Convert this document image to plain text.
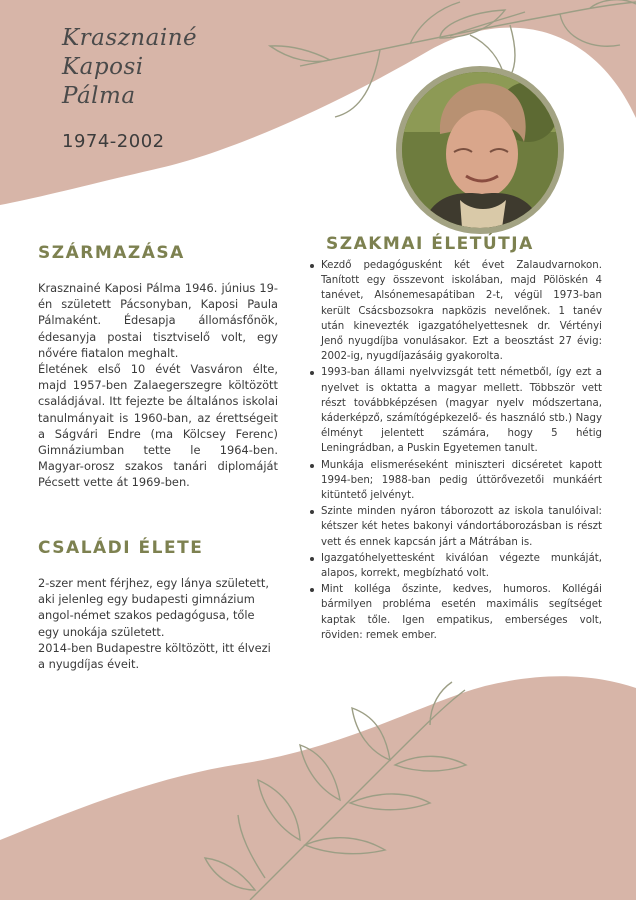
Krasznainé
Kaposi
Pálma
1974-2002
SZÁRMAZÁSA

Krasznainé Kaposi Pálma 1946. június 19-én született Pácsonyban, Kaposi Paula Pálmaként. Édesapja állomásfőnök, édesanyja postai tisztviselő volt, egy nővére fiatalon meghalt.

Életének első 10 évét Vasváron élte, majd 1957-ben Zalaegerszegre költözött családjával. Itt fejezte be általános iskolai tanulmányait is 1960-ban, az érettségeit a Ságvári Endre (ma Kölcsey Ferenc) Gimnáziumban tette le 1964-ben. Magyar-orosz szakos tanári diplomáját Pécsett vette át 1969-ben.

CSALÁDI ÉLETE

2-szer ment férjhez, egy lánya született, aki jelenleg egy budapesti gimnázium angol-német szakos pedagógusa, tőle egy unokája született.

2014-ben Budapestre költözött, itt élvezi a nyugdíjas éveit.

SZAKMAI ÉLETÚTJA
Kezdő pedagógusként két évet Zalaudvarnokon. Tanított egy összevont iskolában, majd Pölöskén 4 tanévet, Alsónemesapátiban 2-t, végül 1973-ban került Csácsbozsokra napközis nevelőnek. 1 tanév után kinevezték igazgatóhelyettesnek dr. Vértényi Jenő nyugdíjba vonulásakor. Ezt a beosztást 27 évig: 2002-ig, nyugdíjazásáig gyakorolta.
1993-ban állami nyelvvizsgát tett németből, így ezt a nyelvet is oktatta a magyar mellett. Többször vett részt továbbképzésen (magyar nyelv módszertana, káderképző, számítógépkezelő- és használó stb.) Nagy élményt jelentett számára, hogy 5 hétig Leningrádban, a Puskin Egyetemen tanult.
Munkája elismeréseként miniszteri dicséretet kapott 1994-ben; 1988-ban pedig úttörővezetői munkáért kitüntető jelvényt.
Szinte minden nyáron táborozott az iskola tanulóival: kétszer két hetes bakonyi vándortáborozásban is részt vett és ennek kapcsán járt a Mátrában is.
Igazgatóhelyettesként kiválóan végezte munkáját, alapos, korrekt, megbízható volt.
Mint kolléga őszinte, kedves, humoros. Kollégái bármilyen probléma esetén maximális segítséget kaptak tőle. Igen empatikus, emberséges volt, röviden: remek ember.
